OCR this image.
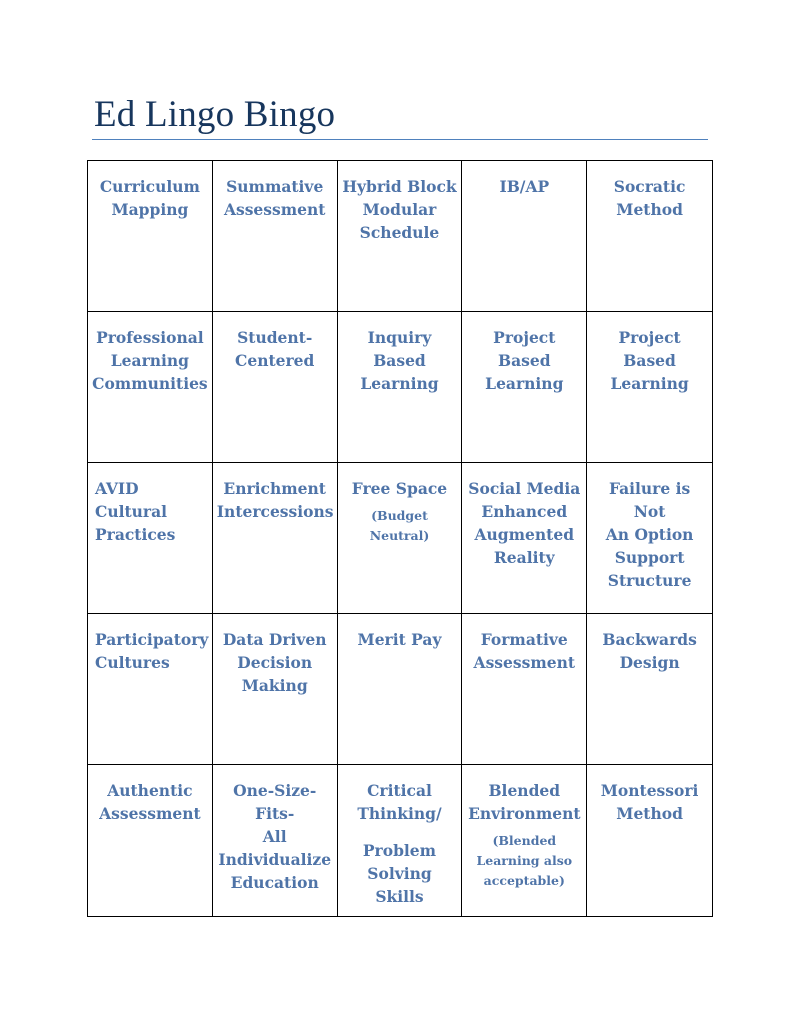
Ed Lingo Bingo
Curriculum
Mapping
Summative
Assessment
Hybrid Block
Modular
Schedule
IB/AP	Socratic
Method
Professional
Learning
Communities
Student-
Centered
Inquiry Based
Learning
Project Based
Learning
Project Based
Learning
AVID Cultural
Practices
Enrichment
Intercessions
Free Space
(Budget Neutral)
Social Media
Enhanced
Augmented
Reality
Failure is Not
An Option
Support
Structure
Participatory
Cultures
Data Driven
Decision
Making
Merit Pay	Formative
Assessment
Backwards
Design
Authentic
Assessment
One-Size-Fits-
All
Individualize
Education
Critical
Thinking/
Problem
Solving Skills
Blended
Environment
(Blended
Learning also
acceptable)
Montessori
Method
